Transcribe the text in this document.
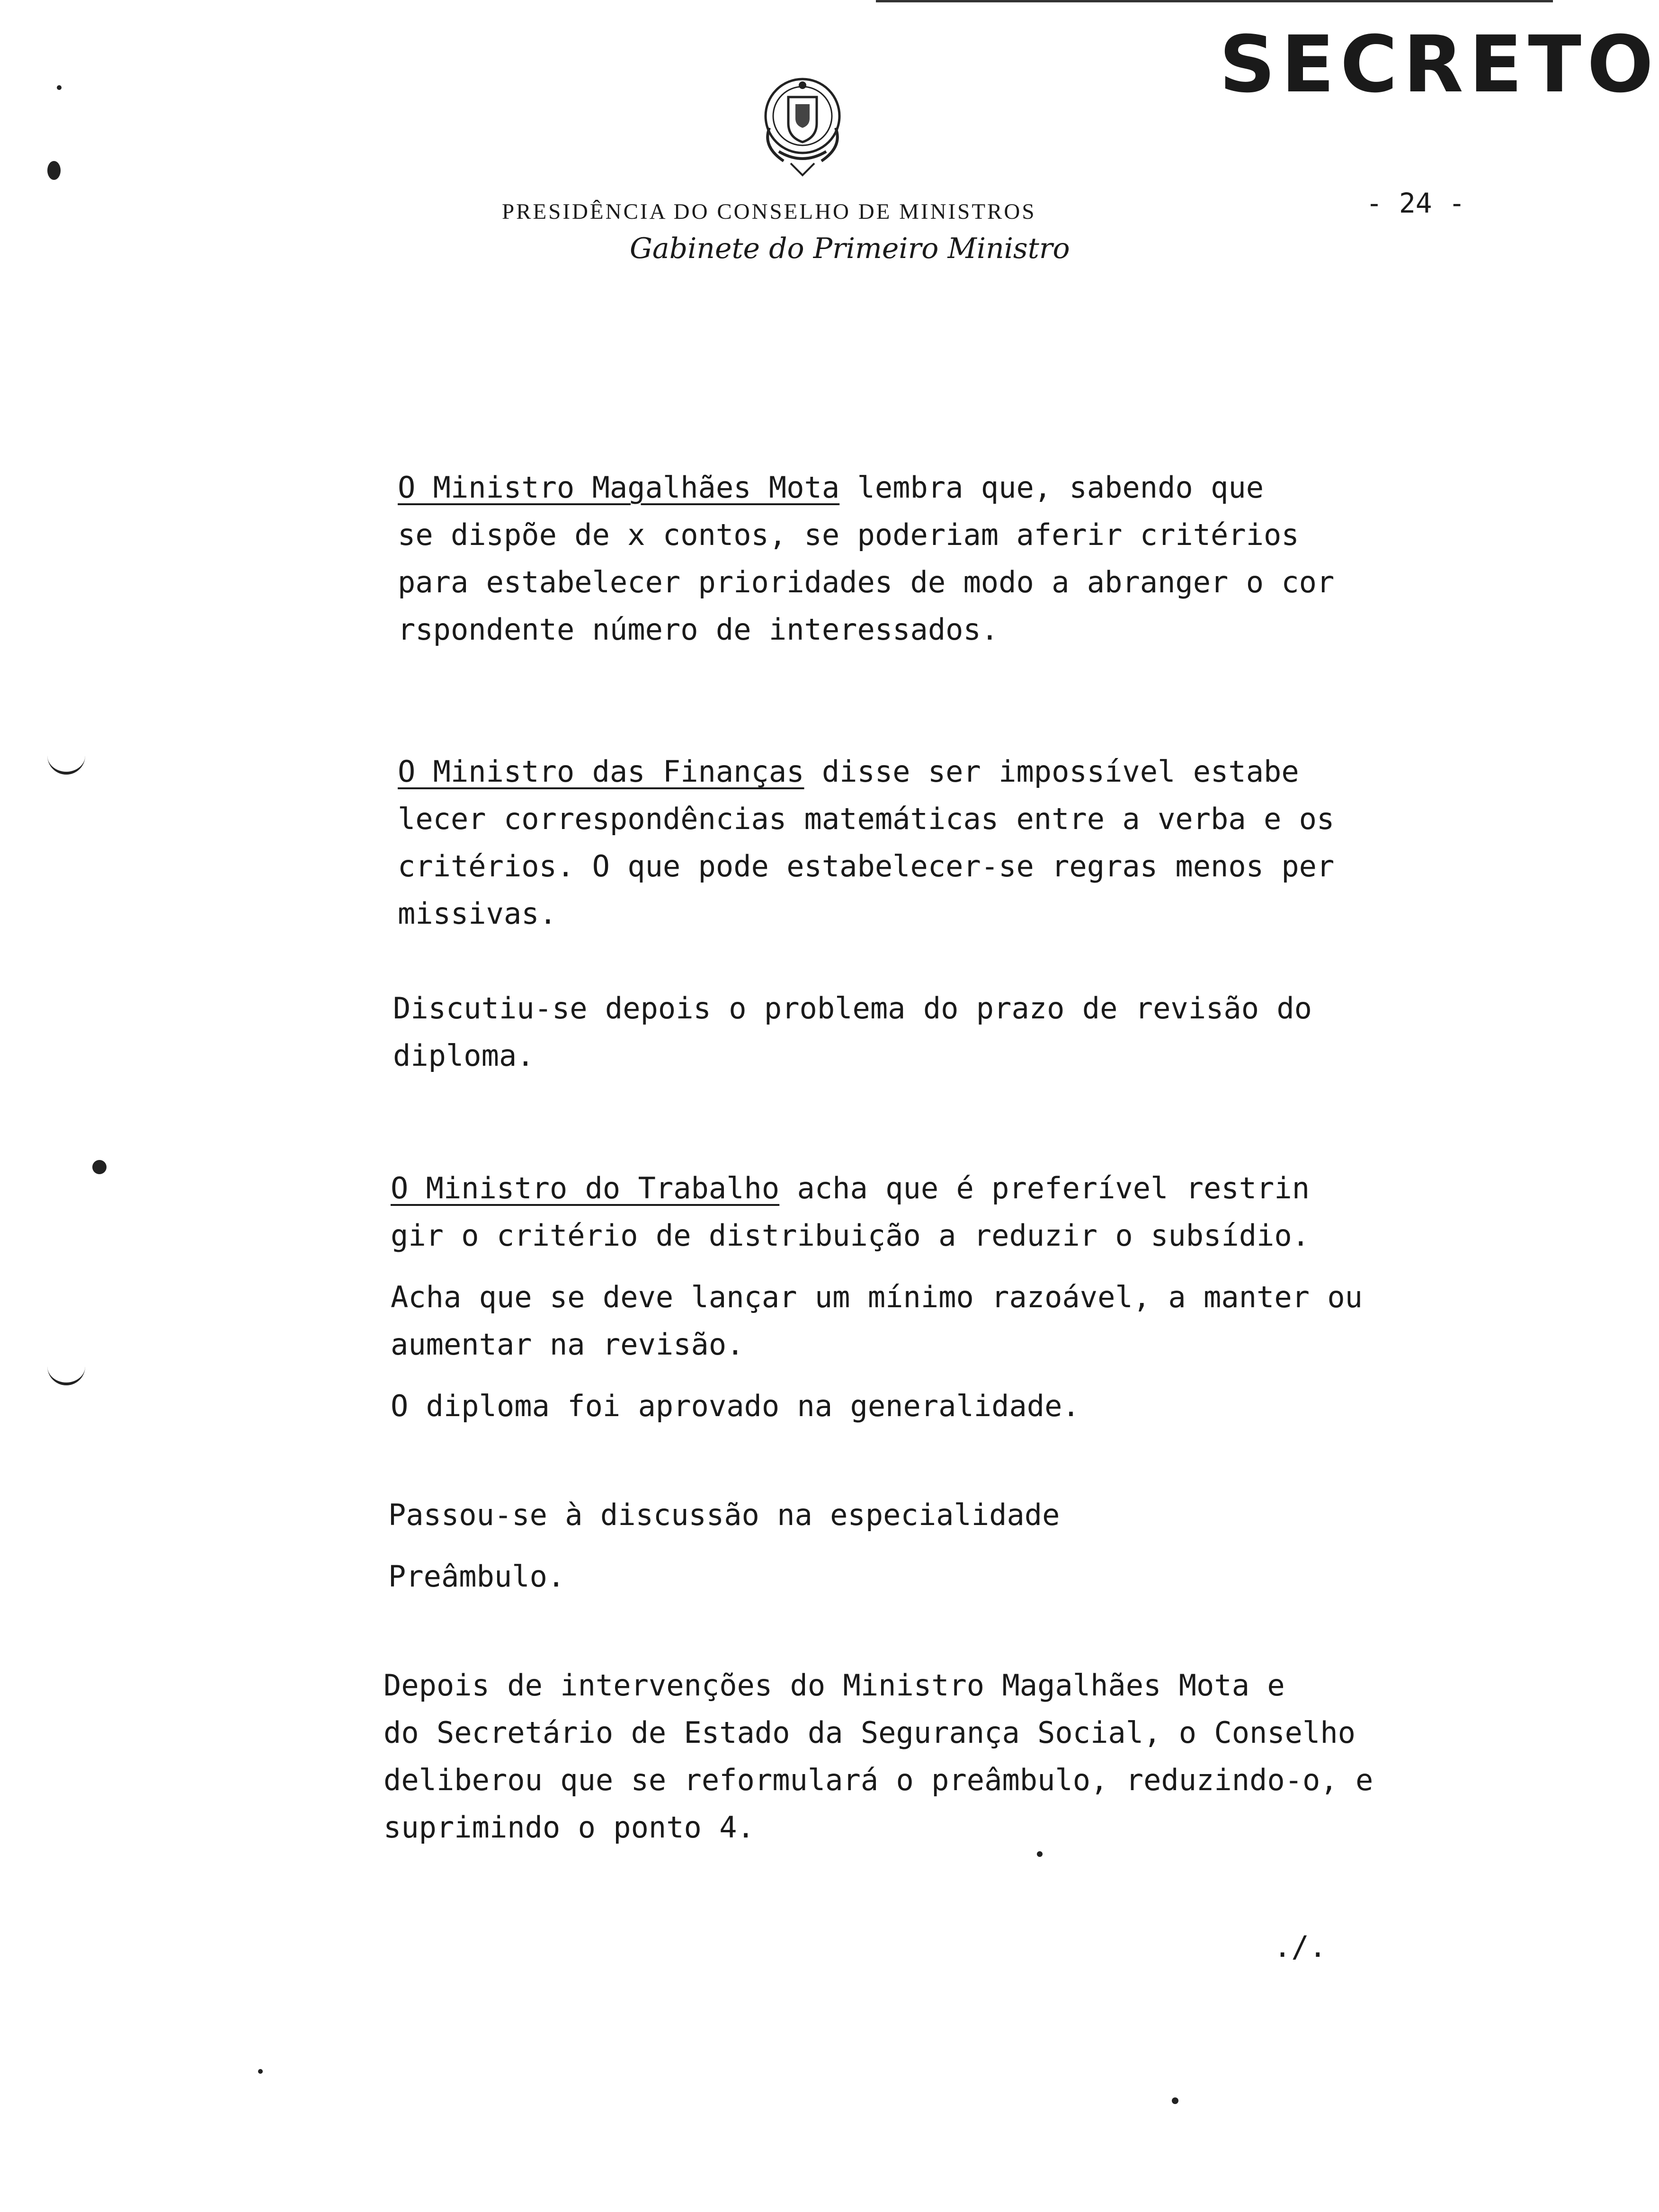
SECRETO
PRESIDÊNCIA DO CONSELHO DE MINISTROS
Gabinete do Primeiro Ministro
- 24 -

O Ministro Magalhães Mota lembra que, sabendo que
se dispõe de x contos, se poderiam aferir critérios
para estabelecer prioridades de modo a abranger o cor
rspondente número de interessados.

O Ministro das Finanças disse ser impossível estabe
lecer correspondências matemáticas entre a verba e os
critérios. O que pode estabelecer-se regras menos per
missivas.

Discutiu-se depois o problema do prazo de revisão do
diploma.

O Ministro do Trabalho acha que é preferível restrin
gir o critério de distribuição a reduzir o subsídio.

Acha que se deve lançar um mínimo razoável, a manter ou
aumentar na revisão.

O diploma foi aprovado na generalidade.

Passou-se à discussão na especialidade

Preâmbulo.

Depois de intervenções do Ministro Magalhães Mota e
do Secretário de Estado da Segurança Social, o Conselho
deliberou que se reformulará o preâmbulo, reduzindo-o, e
suprimindo o ponto 4.

./.
